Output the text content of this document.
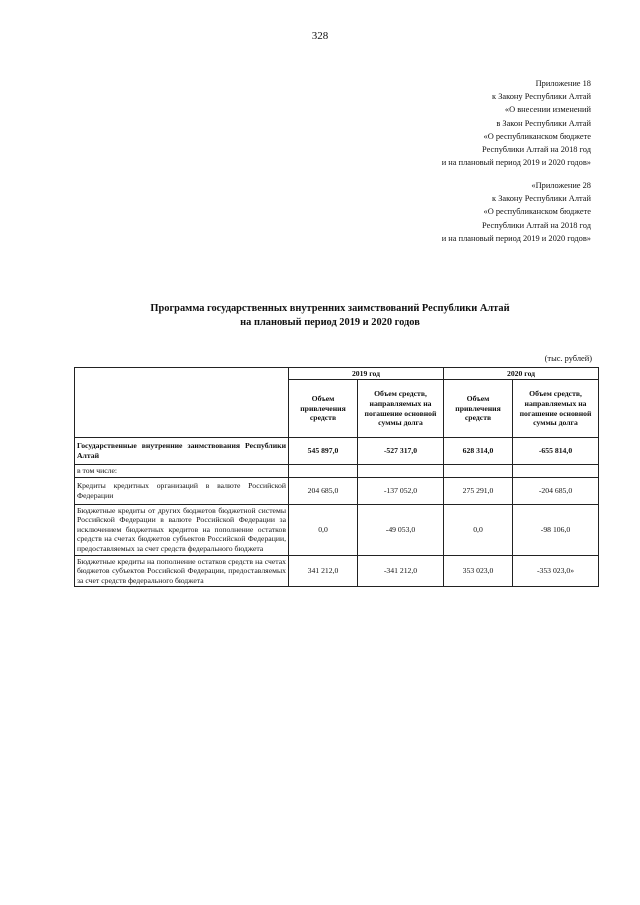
328
Приложение 18
к Закону Республики Алтай
«О внесении изменений
в Закон Республики Алтай
«О республиканском бюджете
Республики Алтай на 2018 год
и на плановый период 2019 и 2020 годов»
«Приложение 28
к Закону Республики Алтай
«О республиканском бюджете
Республики Алтай на 2018 год
и на плановый период 2019 и 2020 годов»
Программа государственных внутренних заимствований Республики Алтай
на плановый период 2019 и 2020 годов
(тыс. рублей)
	2019 год		2020 год	
	Объем привлечения средств	Объем средств, направляемых на погашение основной суммы долга	Объем привлечения средств	Объем средств, направляемых на погашение основной суммы долга
Государственные внутренние заимствования Республики Алтай	545 897,0	-527 317,0	628 314,0	-655 814,0
в том числе:				
Кредиты кредитных организаций в валюте Российской Федерации	204 685,0	-137 052,0	275 291,0	-204 685,0
Бюджетные кредиты от других бюджетов бюджетной системы Российской Федерации в валюте Российской Федерации за исключением бюджетных кредитов на пополнение остатков средств на счетах бюджетов субъектов Российской Федерации, предоставляемых за счет средств федерального бюджета	0,0	-49 053,0	0,0	-98 106,0
Бюджетные кредиты на пополнение остатков средств на счетах бюджетов субъектов Российской Федерации, предоставляемых за счет средств федерального бюджета	341 212,0	-341 212,0	353 023,0	-353 023,0»
